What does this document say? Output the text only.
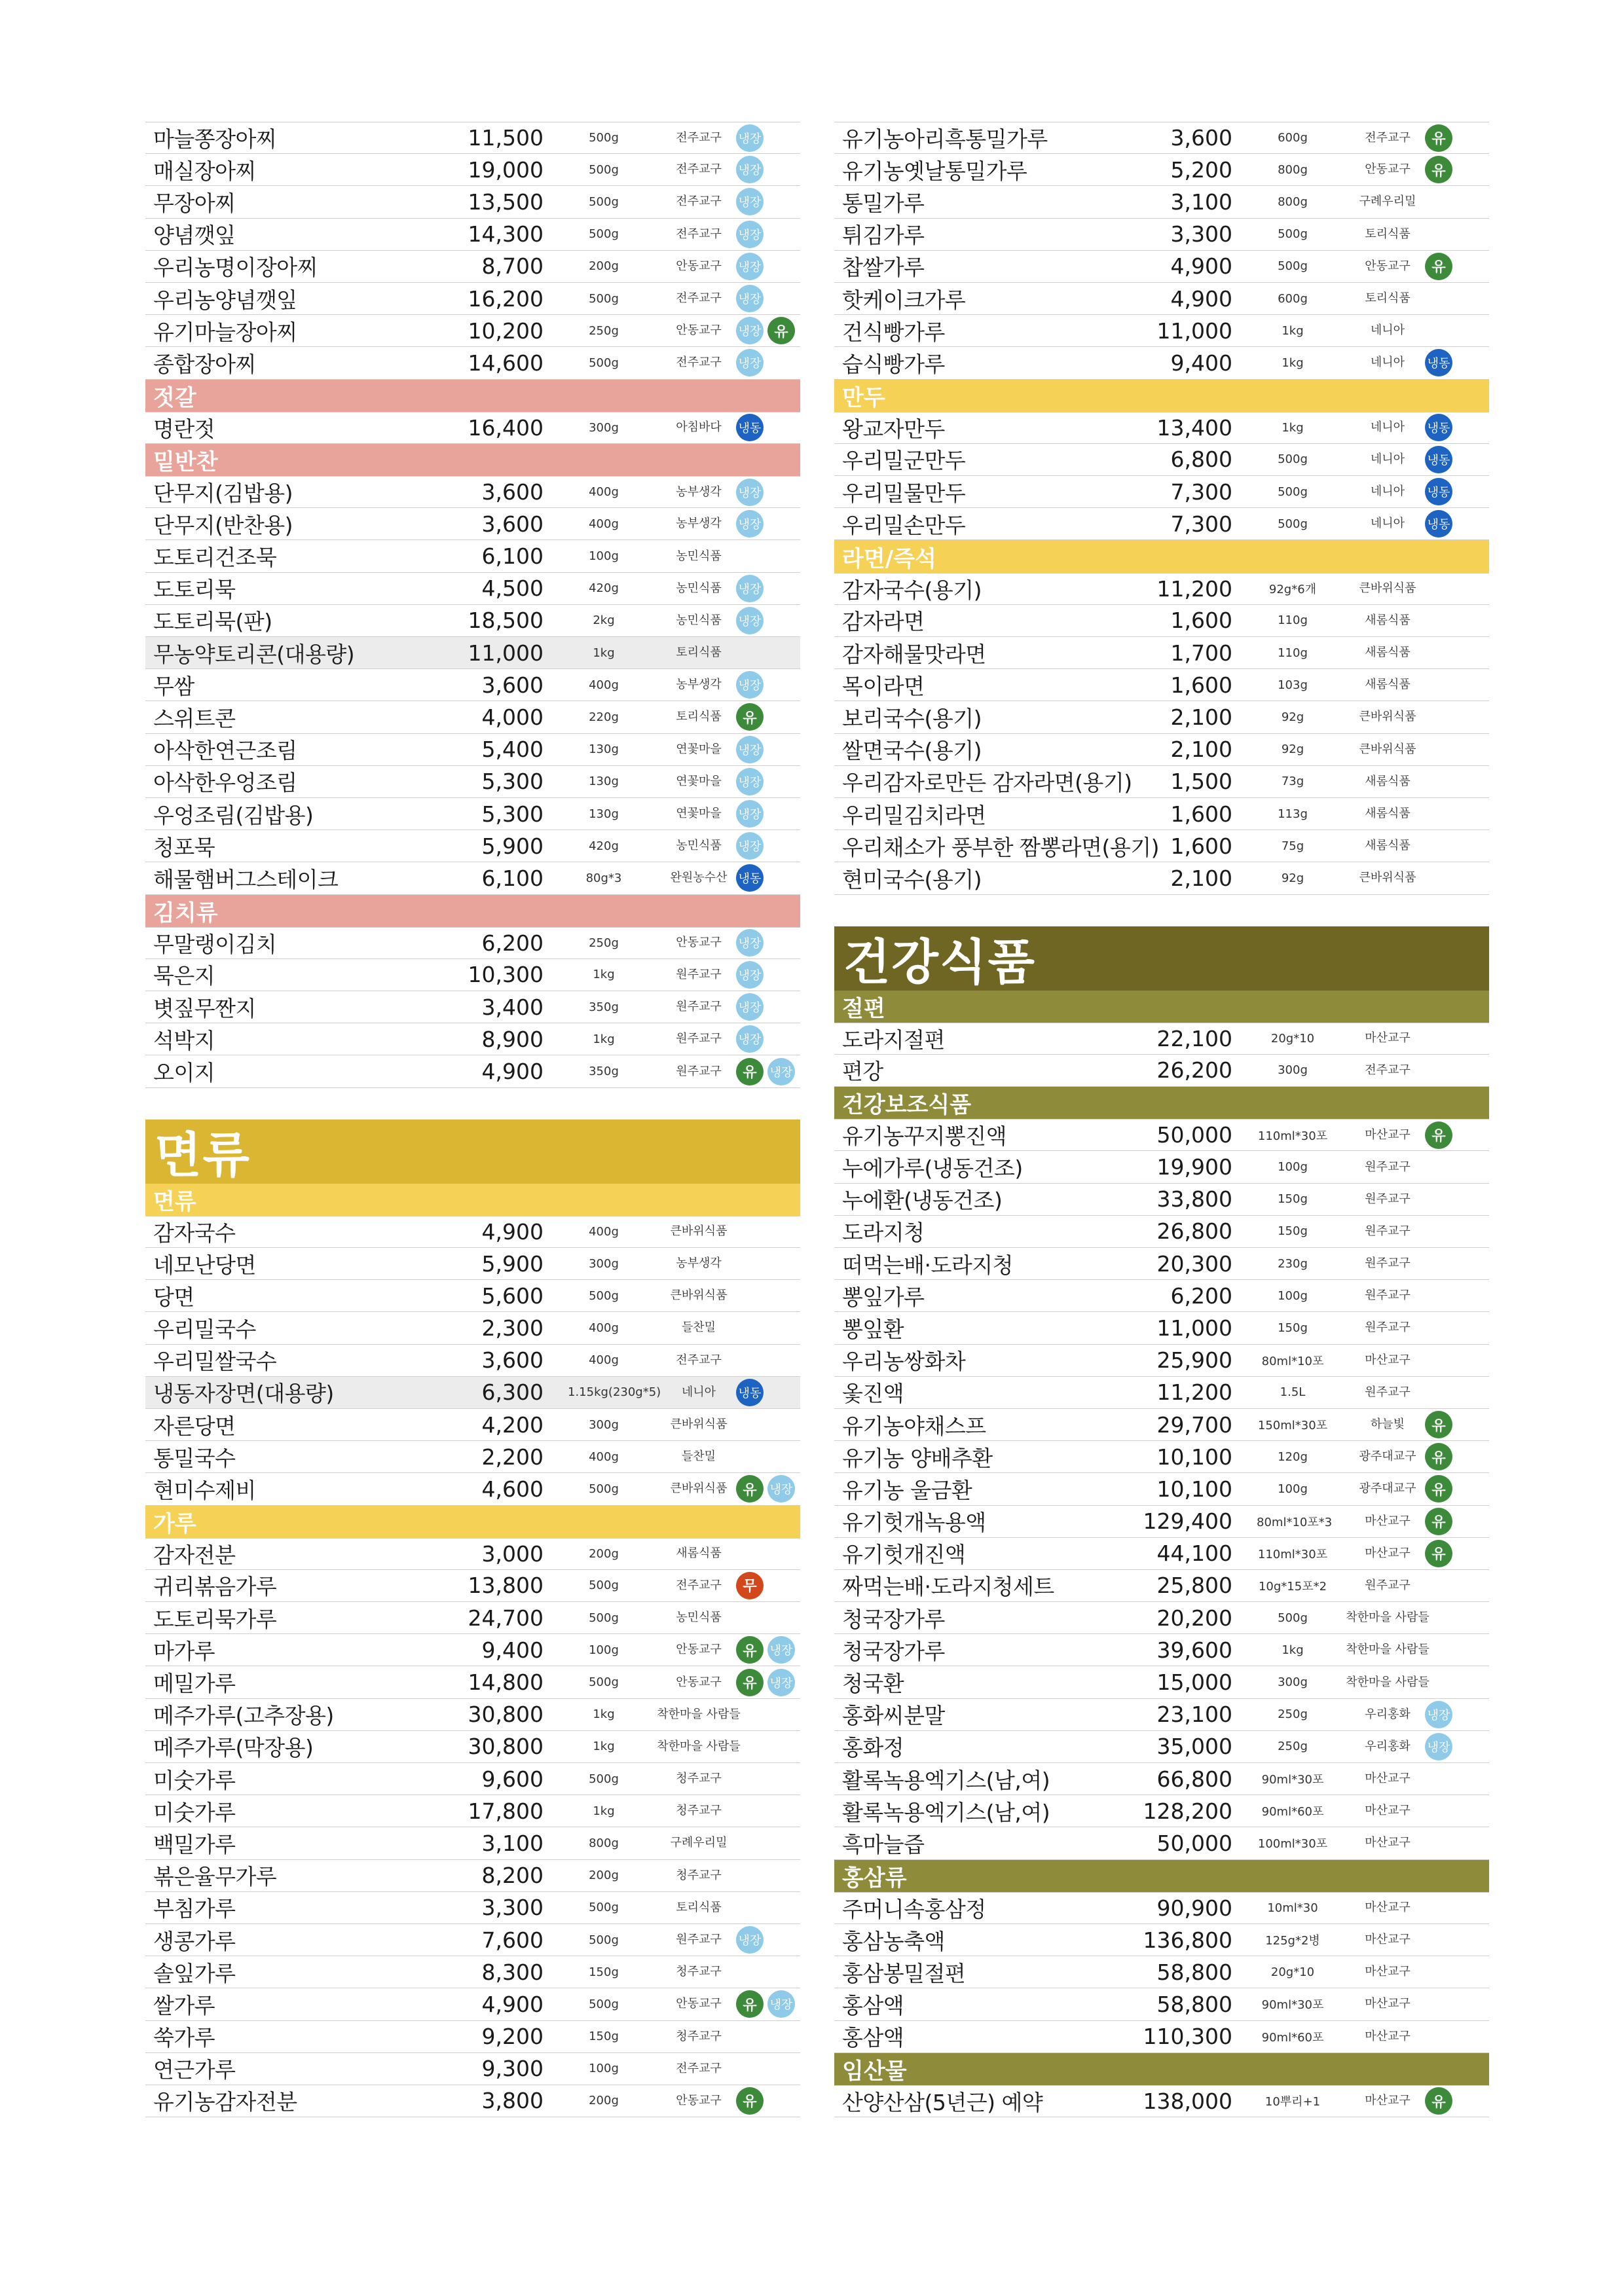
마늘쫑장아찌	11,500	500g	전주교구	냉장
매실장아찌	19,000	500g	전주교구	냉장
무장아찌	13,500	500g	전주교구	냉장
양념깻잎	14,300	500g	전주교구	냉장
우리농명이장아찌	8,700	200g	안동교구	냉장
우리농양념깻잎	16,200	500g	전주교구	냉장
유기마늘장아찌	10,200	250g	안동교구	냉장 유
종합장아찌	14,600	500g	전주교구	냉장
젓갈
명란젓	16,400	300g	아침바다	냉동
밑반찬
단무지(김밥용)	3,600	400g	농부생각	냉장
단무지(반찬용)	3,600	400g	농부생각	냉장
도토리건조묵	6,100	100g	농민식품
도토리묵	4,500	420g	농민식품	냉장
도토리묵(판)	18,500	2kg	농민식품	냉장
무농약토리콘(대용량)	11,000	1kg	토리식품
무쌈	3,600	400g	농부생각	냉장
스위트콘	4,000	220g	토리식품	유
아삭한연근조림	5,400	130g	연꽃마을	냉장
아삭한우엉조림	5,300	130g	연꽃마을	냉장
우엉조림(김밥용)	5,300	130g	연꽃마을	냉장
청포묵	5,900	420g	농민식품	냉장
해물햄버그스테이크	6,100	80g*3	완원농수산 냉동
김치류
무말랭이김치	6,200	250g	안동교구	냉장
묵은지	10,300	1kg	원주교구	냉장
볏짚무짠지	3,400	350g	원주교구	냉장
석박지	8,900	1kg	원주교구	냉장
오이지	4,900	350g	원주교구	유	냉장
면류
면류
감자국수	4,900	400g	큰바위식품
네모난당면	5,900	300g	농부생각
당면	5,600	500g	큰바위식품
우리밀국수	2,300	400g	들찬밀
우리밀쌀국수	3,600	400g	전주교구
냉동자장면(대용량)	6,300 1.15kg(230g*5)	네니아	냉동
자른당면	4,200	300g	큰바위식품
통밀국수	2,200	400g	들찬밀
현미수제비	4,600	500g	큰바위식품	유	냉장
가루
감자전분	3,000	200g	새롬식품
귀리볶음가루	13,800	500g	전주교구	무
도토리묵가루	24,700	500g	농민식품
마가루	9,400	100g	안동교구	유	냉장
메밀가루	14,800	500g	안동교구	유	냉장
메주가루(고추장용)	30,800	1kg	착한마을 사람들
메주가루(막장용)	30,800	1kg	착한마을 사람들
미숫가루	9,600	500g	청주교구
미숫가루	17,800	1kg	청주교구
백밀가루	3,100	800g	구례우리밀
볶은율무가루	8,200	200g	청주교구
부침가루	3,300	500g	토리식품
생콩가루	7,600	500g	원주교구	냉장
솔잎가루	8,300	150g	청주교구
쌀가루	4,900	500g	안동교구	유	냉장
쑥가루	9,200	150g	청주교구
연근가루	9,300	100g	전주교구
유기농감자전분	3,800	200g	안동교구	유
유기농아리흑통밀가루	3,600	600g	전주교구	유
유기농옛날통밀가루	5,200	800g	안동교구	유
통밀가루	3,100	800g	구례우리밀
튀김가루	3,300	500g	토리식품
찹쌀가루	4,900	500g	안동교구	유
핫케이크가루	4,900	600g	토리식품
건식빵가루	11,000	1kg	네니아
습식빵가루	9,400	1kg	네니아	냉동
만두
왕교자만두	13,400	1kg	네니아	냉동
우리밀군만두	6,800	500g	네니아	냉동
우리밀물만두	7,300	500g	네니아	냉동
우리밀손만두	7,300	500g	네니아	냉동
라면/즉석
감자국수(용기)	11,200	92g*6개	큰바위식품
감자라면	1,600	110g	새롬식품
감자해물맛라면	1,700	110g	새롬식품
목이라면	1,600	103g	새롬식품
보리국수(용기)	2,100	92g	큰바위식품
쌀면국수(용기)	2,100	92g	큰바위식품
우리감자로만든 감자라면(용기) 1,500	73g	새롬식품
우리밀김치라면	1,600	113g	새롬식품
우리채소가 풍부한 짬뽕라면(용기) 1,600	75g	새롬식품
현미국수(용기)	2,100	92g	큰바위식품
건강식품
절편
도라지절편	22,100	20g*10	마산교구
편강	26,200	300g	전주교구
건강보조식품
유기농꾸지뽕진액	50,000 110ml*30포	마산교구	유
누에가루(냉동건조)	19,900	100g	원주교구
누에환(냉동건조)	33,800	150g	원주교구
도라지청	26,800	150g	원주교구
떠먹는배·도라지청	20,300	230g	원주교구
뽕잎가루	6,200	100g	원주교구
뽕잎환	11,000	150g	원주교구
우리농쌍화차	25,900	80ml*10포	마산교구
옻진액	11,200	1.5L	원주교구
유기농야채스프	29,700 150ml*30포	하늘빛	유
유기농 양배추환	10,100	120g	광주대교구	유
유기농 울금환	10,100	100g	광주대교구	유
유기헛개녹용액	129,400 80ml*10포*3	마산교구	유
유기헛개진액	44,100 110ml*30포	마산교구	유
짜먹는배·도라지청세트	25,800 10g*15포*2	원주교구
청국장가루	20,200	500g	착한마을 사람들
청국장가루	39,600	1kg	착한마을 사람들
청국환	15,000	300g	착한마을 사람들
홍화씨분말	23,100	250g	우리홍화	냉장
홍화정	35,000	250g	우리홍화	냉장
활록녹용엑기스(남,여)	66,800	90ml*30포	마산교구
활록녹용엑기스(남,여)	128,200	90ml*60포	마산교구
흑마늘즙	50,000 100ml*30포	마산교구
홍삼류
주머니속홍삼정	90,900	10ml*30	마산교구
홍삼농축액	136,800	125g*2병	마산교구
홍삼봉밀절편	58,800	20g*10	마산교구
홍삼액	58,800	90ml*30포	마산교구
홍삼액	110,300	90ml*60포	마산교구
임산물
산양산삼(5년근) 예약	138,000	10뿌리+1	마산교구	유
